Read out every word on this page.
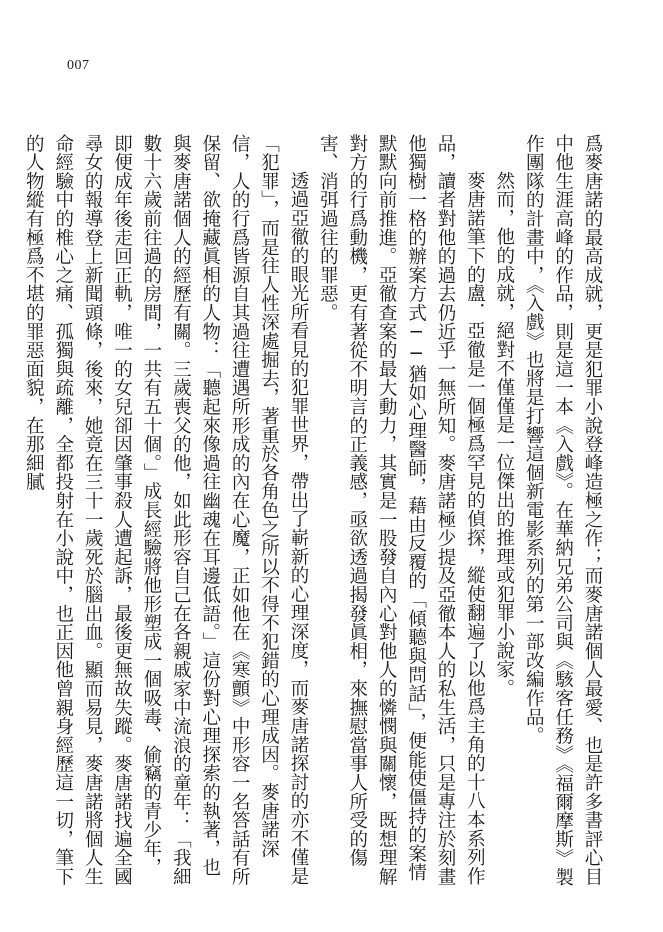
007

爲麥唐諾的最高成就，更是犯罪小說登峰造極之作；而麥唐諾個人最愛、也是許多書評心目中他生涯高峰的作品，則是這一本《入戲》。在華納兄弟公司與《駭客任務》《福爾摩斯》製作團隊的計畫中，《入戲》也將是打響這個新電影系列的第一部改編作品。

然而，他的成就，絕對不僅僅是一位傑出的推理或犯罪小說家。

麥唐諾筆下的盧．亞徹是一個極爲罕見的偵探，縱使翻遍了以他爲主角的十八本系列作品，讀者對他的過去仍近乎一無所知。麥唐諾極少提及亞徹本人的私生活，只是專注於刻畫他獨樹一格的辦案方式──猶如心理醫師，藉由反覆的「傾聽與問話」，便能使僵持的案情默默向前推進。亞徹查案的最大動力，其實是一股發自內心對他人的憐憫與關懷，既想理解對方的行爲動機，更有著從不明言的正義感，亟欲透過揭發眞相，來撫慰當事人所受的傷害、消弭過往的罪惡。

透過亞徹的眼光所看見的犯罪世界，帶出了嶄新的心理深度，而麥唐諾探討的亦不僅是「犯罪」，而是往人性深處掘去，著重於各角色之所以不得不犯錯的心理成因。麥唐諾深信，人的行爲皆源自其過往遭遇所形成的內在心魔，正如他在《寒顫》中形容一名答話有所保留、欲掩藏眞相的人物：「聽起來像過往幽魂在耳邊低語。」這份對心理探索的執著，也與麥唐諾個人的經歷有關。三歲喪父的他，如此形容自己在各親戚家中流浪的童年：「我細數十六歲前往過的房間，一共有五十個。」成長經驗將他形塑成一個吸毒、偷竊的青少年，即便成年後走回正軌，唯一的女兒卻因肇事殺人遭起訴，最後更無故失蹤。麥唐諾找遍全國尋女的報導登上新聞頭條，後來，她竟在三十一歲死於腦出血。顯而易見，麥唐諾將個人生命經驗中的椎心之痛、孤獨與疏離，全都投射在小說中，也正因他曾親身經歷這一切，筆下的人物縱有極爲不堪的罪惡面貌，在那細膩
